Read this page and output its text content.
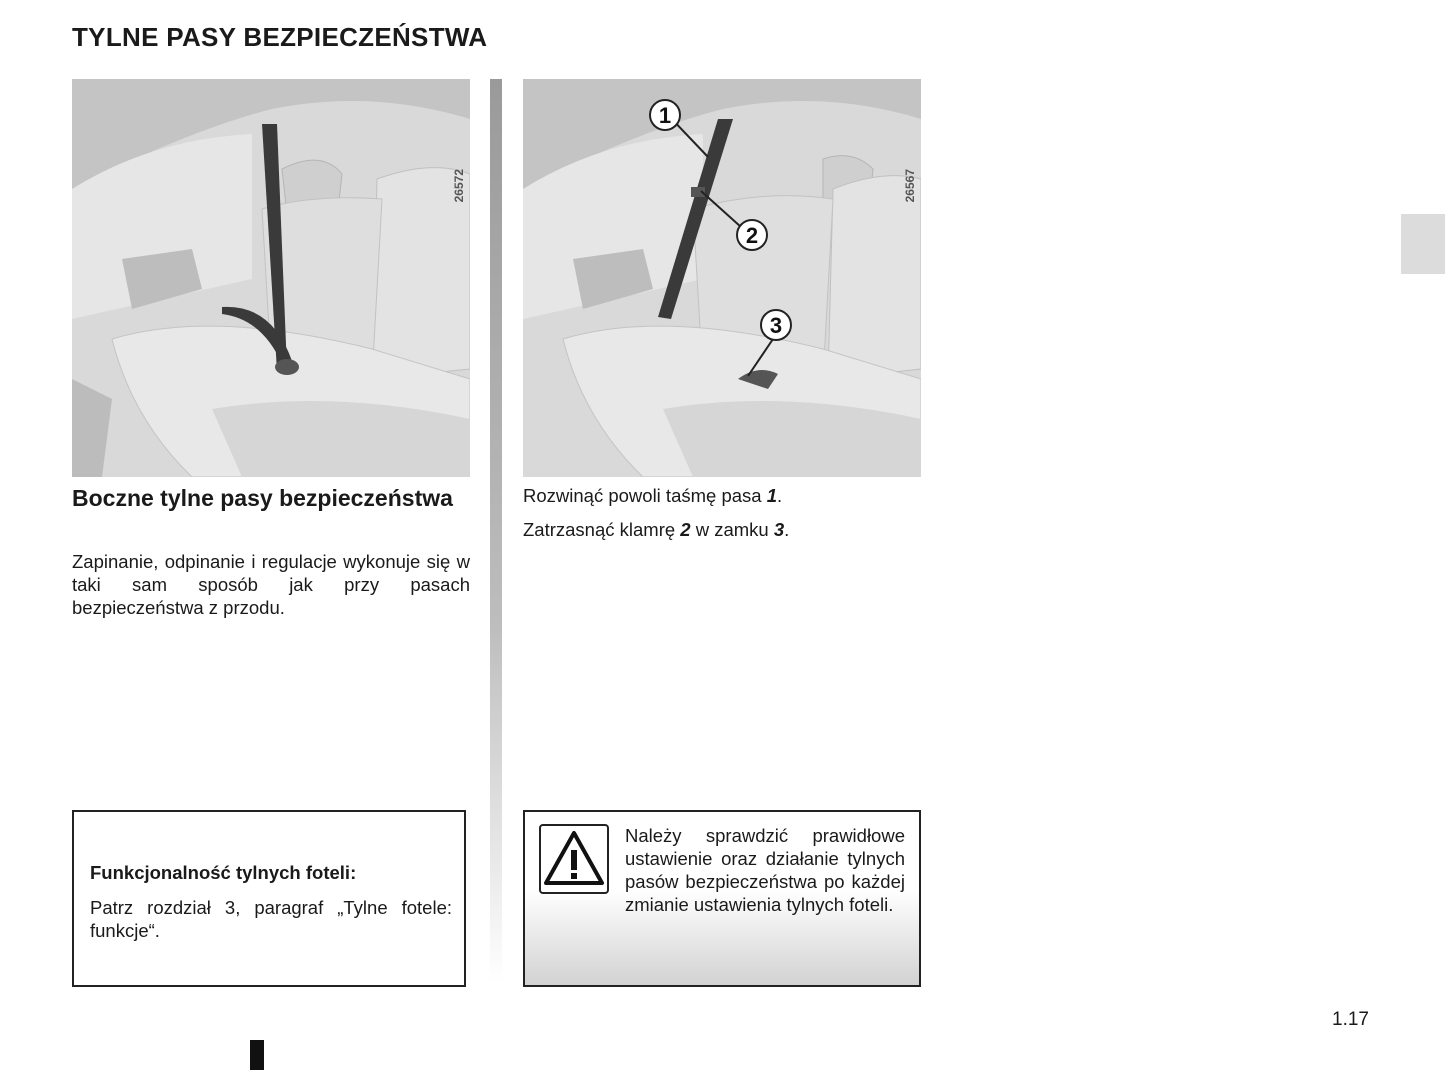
TYLNE PASY BEZPIECZEŃSTWA
26572
1
2
3
26567
Boczne tylne pasy bezpieczeństwa

Zapinanie, odpinanie i regulacje wykonuje się w taki sam sposób jak przy pasach bezpieczeństwa z przodu.

Rozwinąć powoli taśmę pasa 1.

Zatrzasnąć klamrę 2 w zamku 3.

Funkcjonalność tylnych foteli:

Patrz rozdział 3, paragraf „Tylne fotele: funkcje“.

Należy sprawdzić prawidłowe ustawienie oraz działanie tylnych pasów bezpieczeństwa po każdej zmianie ustawienia tylnych foteli.

1.17
